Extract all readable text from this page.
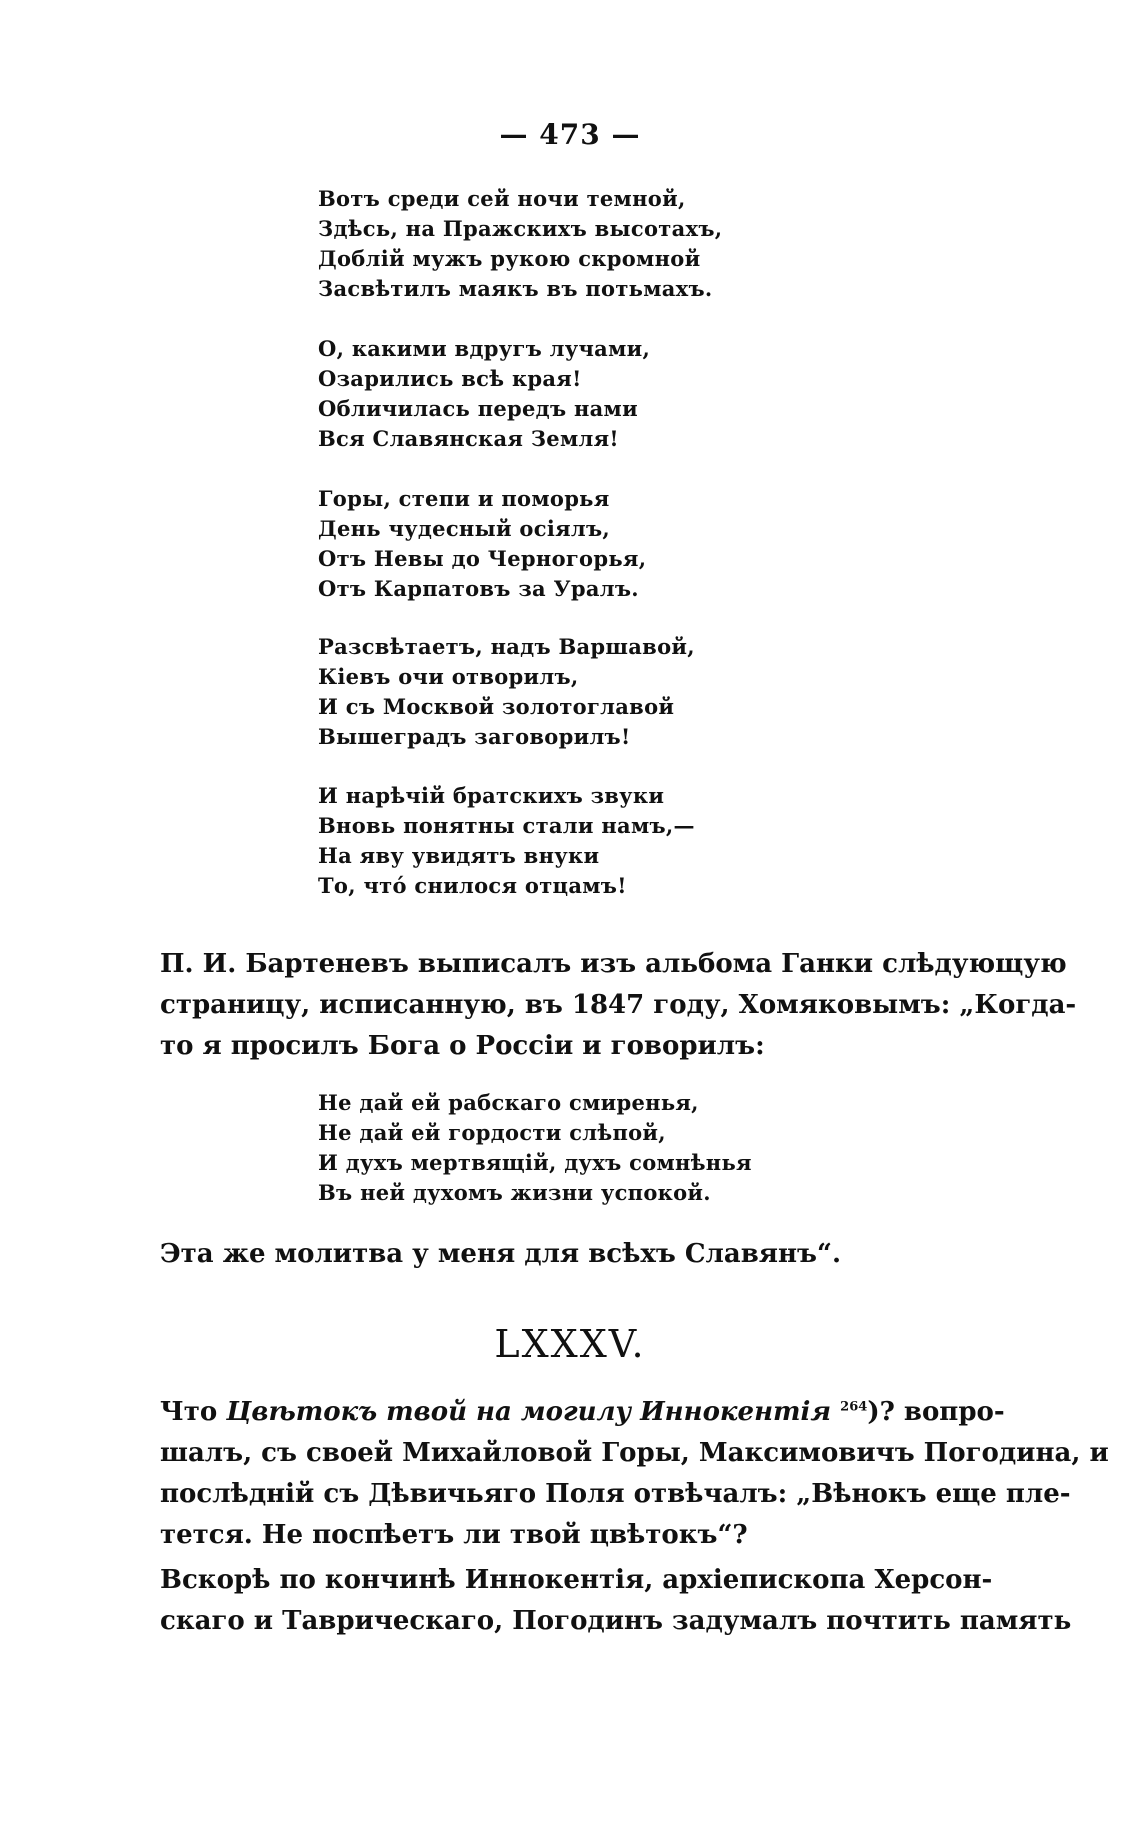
— 473 —
Вотъ среди сей ночи темной,
Здѣсь, на Пражскихъ высотахъ,
Доблій мужъ рукою скромной
Засвѣтилъ маякъ въ потьмахъ.
О, какими вдругъ лучами,
Озарились всѣ края!
Обличилась передъ нами
Вся Славянская Земля!
Горы, степи и поморья
День чудесный осіялъ,
Отъ Невы до Черногорья,
Отъ Карпатовъ за Уралъ.
Разсвѣтаетъ, надъ Варшавой,
Кіевъ очи отворилъ,
И съ Москвой золотоглавой
Вышеградъ заговорилъ!
И нарѣчій братскихъ звуки
Вновь понятны стали намъ,—
На яву увидятъ внуки
То, чтó снилося отцамъ!
П. И. Бартеневъ выписалъ изъ альбома Ганки слѣдующую
страницу, исписанную, въ 1847 году, Хомяковымъ: „Когда-
то я просилъ Бога о Россіи и говорилъ:
Не дай ей рабскаго смиренья,
Не дай ей гордости слѣпой,
И духъ мертвящій, духъ сомнѣнья
Въ ней духомъ жизни успокой.
Эта же молитва у меня для всѣхъ Славянъ“.
LXXXV.
Что Цвѣтокъ твой на могилу Иннокентія $^{264}$)? вопро-
шалъ, съ своей Михайловой Горы, Максимовичъ Погодина, и
послѣдній съ Дѣвичьяго Поля отвѣчалъ: „Вѣнокъ еще пле-
тется. Не поспѣетъ ли твой цвѣтокъ“?
Вскорѣ по кончинѣ Иннокентія, архіепископа Херсон-
скаго и Таврическаго, Погодинъ задумалъ почтить память
